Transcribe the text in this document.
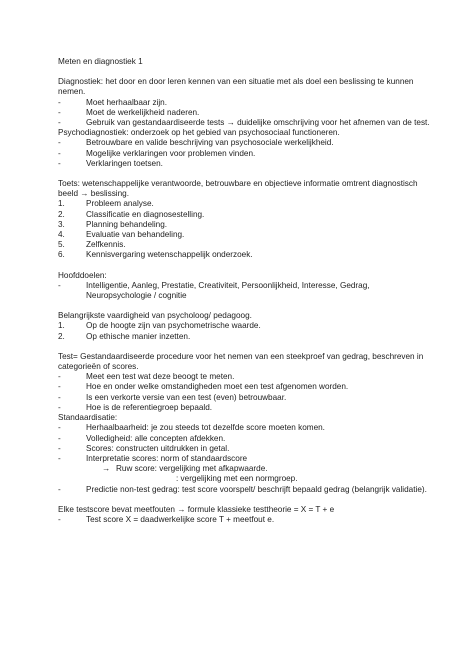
Meten en diagnostiek 1

Diagnostiek: het door en door leren kennen van een situatie met als doel een beslissing te kunnen nemen.

-	Moet herhaalbaar zijn.
-	Moet de werkelijkheid naderen.
-	Gebruik van gestandaardiseerde tests → duidelijke omschrijving voor het afnemen van de test.

Psychodiagnostiek: onderzoek op het gebied van psychosociaal functioneren.

-	Betrouwbare en valide beschrijving van psychosociale werkelijkheid.
-	Mogelijke verklaringen voor problemen vinden.
-	Verklaringen toetsen.

Toets: wetenschappelijke verantwoorde, betrouwbare en objectieve informatie omtrent diagnostisch beeld → beslissing.

1.	Probleem analyse.
2.	Classificatie en diagnosestelling.
3.	Planning behandeling.
4.	Evaluatie van behandeling.
5.	Zelfkennis.
6.	Kennisvergaring wetenschappelijk onderzoek.

Hoofddoelen:

-	Intelligentie, Aanleg, Prestatie, Creativiteit, Persoonlijkheid, Interesse, Gedrag, Neuropsychologie / cognitie

Belangrijkste vaardigheid van psycholoog/ pedagoog.

1.	Op de hoogte zijn van psychometrische waarde.
2.	Op ethische manier inzetten.

Test= Gestandaardiseerde procedure voor het nemen van een steekproef van gedrag, beschreven in categorieën of scores.

-	Meet een test wat deze beoogt te meten.
-	Hoe en onder welke omstandigheden moet een test afgenomen worden.
-	Is een verkorte versie van een test (even) betrouwbaar.
-	Hoe is de referentiegroep bepaald.

Standaardisatie:

-	Herhaalbaarheid: je zou steeds tot dezelfde score moeten komen.
-	Volledigheid: alle concepten afdekken.
-	Scores: constructen uitdrukken in getal.
-	Interpretatie scores: norm of standaardscore
→ Ruw score: vergelijking met afkapwaarde.
: vergelijking met een normgroep.
-	Predictie non-test gedrag: test score voorspelt/ beschrijft bepaald gedrag (belangrijk validatie).

Elke testscore bevat meetfouten → formule klassieke testtheorie = X = T + e

-	Test score X = daadwerkelijke score T + meetfout e.
